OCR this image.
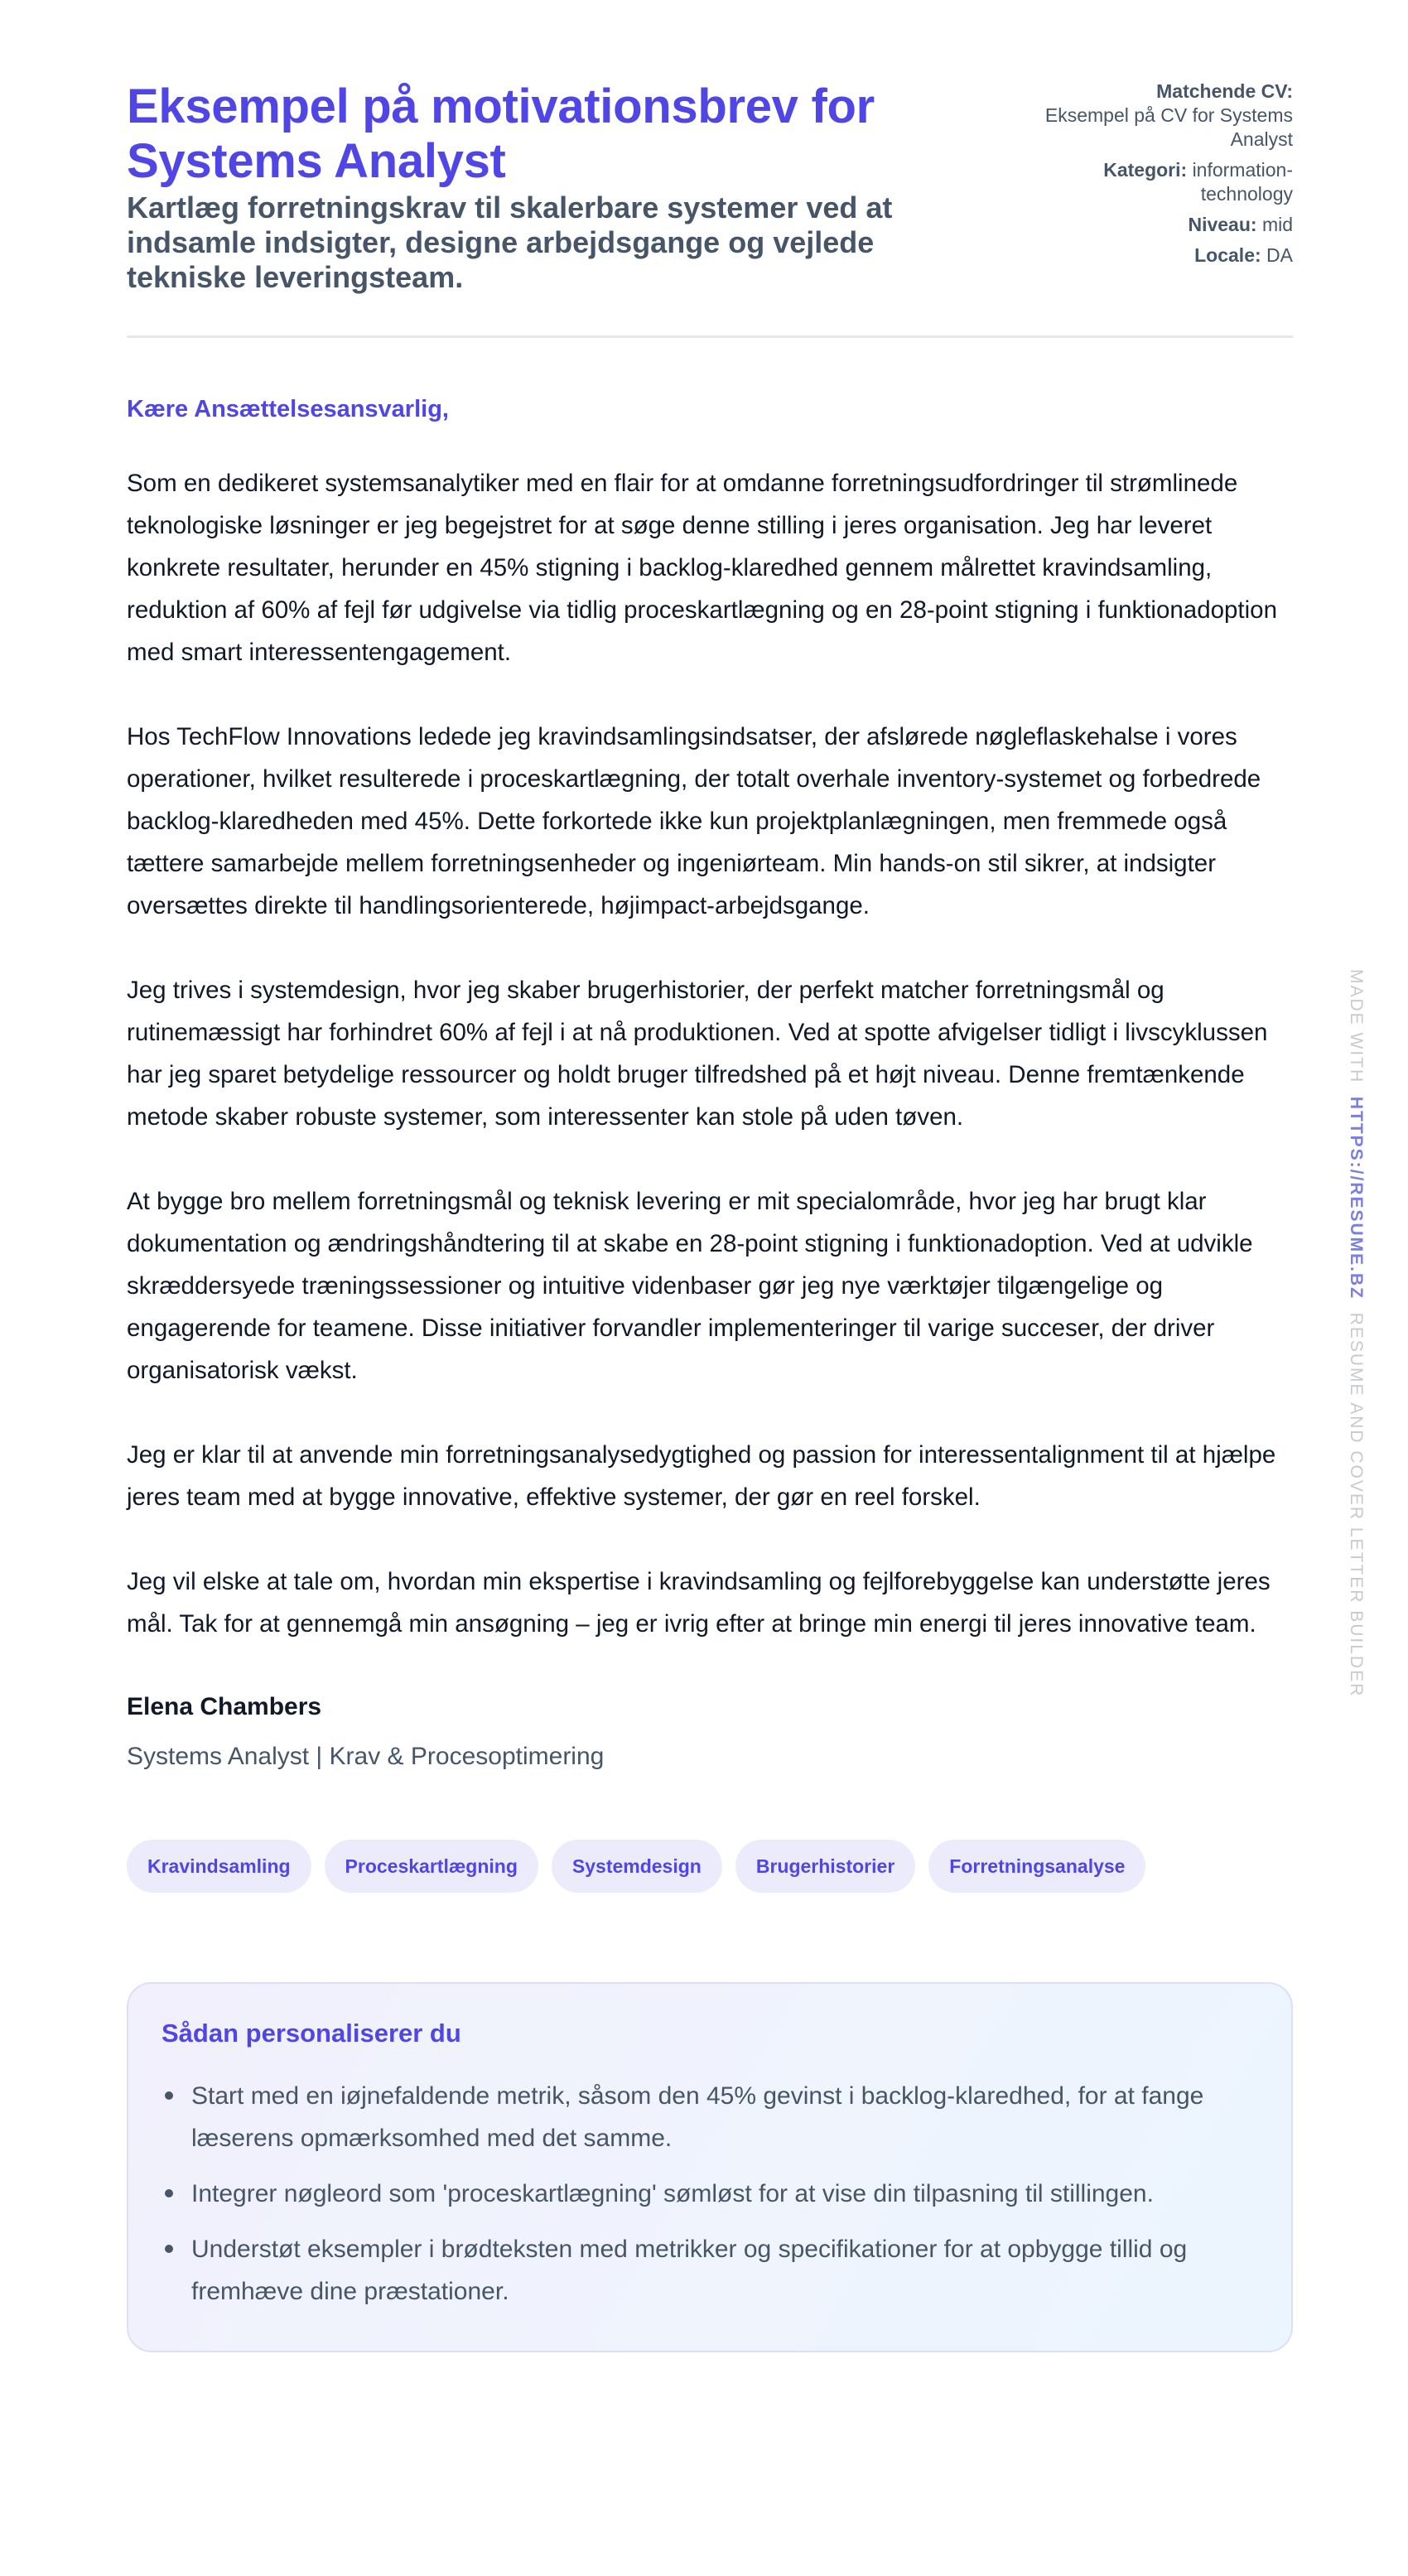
Eksempel på motivationsbrev for Systems Analyst
Kartlæg forretningskrav til skalerbare systemer ved at indsamle indsigter, designe arbejdsgange og vejlede tekniske leveringsteam.
Matchende CV:
Eksempel på CV for Systems Analyst
Kategori: information-technology
Niveau: mid
Locale: DA
Kære Ansættelsesansvarlig,

Som en dedikeret systemsanalytiker med en flair for at omdanne forretningsudfordringer til strømlinede teknologiske løsninger er jeg begejstret for at søge denne stilling i jeres organisation. Jeg har leveret konkrete resultater, herunder en 45% stigning i backlog-klaredhed gennem målrettet kravindsamling, reduktion af 60% af fejl før udgivelse via tidlig proceskartlægning og en 28-point stigning i funktionadoption med smart interessentengagement.

Hos TechFlow Innovations ledede jeg kravindsamlingsindsatser, der afslørede nøgleflaskehalse i vores operationer, hvilket resulterede i proceskartlægning, der totalt overhale inventory-systemet og forbedrede backlog-klaredheden med 45%. Dette forkortede ikke kun projektplanlægningen, men fremmede også tættere samarbejde mellem forretningsenheder og ingeniørteam. Min hands-on stil sikrer, at indsigter oversættes direkte til handlingsorienterede, højimpact-arbejdsgange.

Jeg trives i systemdesign, hvor jeg skaber brugerhistorier, der perfekt matcher forretningsmål og rutinemæssigt har forhindret 60% af fejl i at nå produktionen. Ved at spotte afvigelser tidligt i livscyklussen har jeg sparet betydelige ressourcer og holdt bruger tilfredshed på et højt niveau. Denne fremtænkende metode skaber robuste systemer, som interessenter kan stole på uden tøven.

At bygge bro mellem forretningsmål og teknisk levering er mit specialområde, hvor jeg har brugt klar dokumentation og ændringshåndtering til at skabe en 28-point stigning i funktionadoption. Ved at udvikle skræddersyede træningssessioner og intuitive videnbaser gør jeg nye værktøjer tilgængelige og engagerende for teamene. Disse initiativer forvandler implementeringer til varige succeser, der driver organisatorisk vækst.

Jeg er klar til at anvende min forretningsanalysedygtighed og passion for interessentalignment til at hjælpe jeres team med at bygge innovative, effektive systemer, der gør en reel forskel.

Jeg vil elske at tale om, hvordan min ekspertise i kravindsamling og fejlforebyggelse kan understøtte jeres mål. Tak for at gennemgå min ansøgning – jeg er ivrig efter at bringe min energi til jeres innovative team.

Elena Chambers
Systems Analyst | Krav & Procesoptimering
Kravindsamling	Proceskartlægning	Systemdesign	Brugerhistorier	Forretningsanalyse
Sådan personaliserer du
Start med en iøjnefaldende metrik, såsom den 45% gevinst i backlog-klaredhed, for at fange læserens opmærksomhed med det samme.
Integrer nøgleord som 'proceskartlægning' sømløst for at vise din tilpasning til stillingen.
Understøt eksempler i brødteksten med metrikker og specifikationer for at opbygge tillid og fremhæve dine præstationer.
MADE WITH  HTTPS://RESUME.BZ  RESUME AND COVER LETTER BUILDER
